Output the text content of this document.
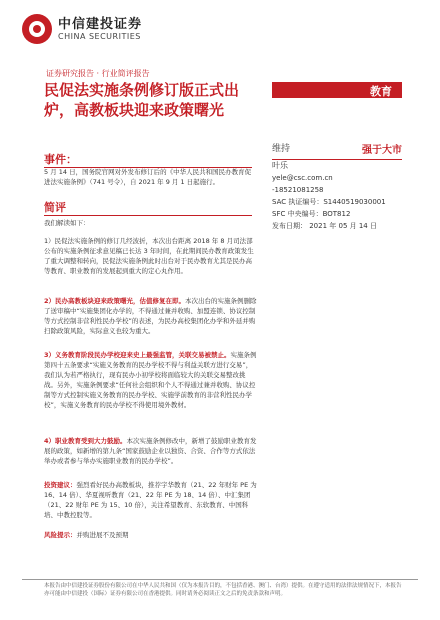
中信建投证券
CHINA SECURITIES
证券研究报告 · 行业简评报告
民促法实施条例修订版正式出炉，高教板块迎来政策曙光
教育
维持	强于大市
叶乐
yele@csc.com.cn
-18521081258
SAC 执证编号：S1440519030001
SFC 中央编号：BOT812
发布日期： 2021 年 05 月 14 日
事件：
5 月 14 日，国务院官网对外发布修订后的《中华人民共和国民办教育促进法实施条例》（741 号令），自 2021 年 9 月 1 日起施行。
简评
我们解读如下：
1）民促法实施条例的修订几经波折，本次出台距离 2018 年 8 月司法部公布的实施条例征求意见稿已长达 3 年时间，在此期间民办教育政策发生了重大调整和转向，民促法实施条例此时出台对于民办教育尤其是民办高等教育、职业教育的发展起到重大的定心丸作用。
2）民办高教板块迎来政策曙光，估值修复在即。本次出台的实施条例删除了送审稿中“实施集团化办学的，不得通过兼并收购、加盟连锁、协议控制等方式控制非营利性民办学校”的表述，为民办高校集团化办学和外延并购扫除政策风险，实际意义也较为重大。
3）义务教育阶段民办学校迎来史上最强监管，关联交易被禁止。实施条例第四十五条要求“实施义务教育的民办学校不得与利益关联方进行交易”，我们认为若严格执行，现有民办小初学校将面临较大的关联交易整改挑战。另外，实施条例要求“任何社会组织和个人不得通过兼并收购、协议控制等方式控制实施义务教育的民办学校、实施学前教育的非营利性民办学校”，实施义务教育的民办学校不得使用境外教材。
4）职业教育受到大力鼓励。本次实施条例修改中，新增了鼓励职业教育发展的政策，如新增的第九条“国家鼓励企业以独资、合资、合作等方式依法举办或者参与举办实施职业教育的民办学校”。
投资建议：强烈看好民办高教板块，推荐宇华教育（21、22 年财年 PE 为 16、14 倍）、华夏视听教育（21、22 年 PE 为 18、14 倍）、中汇集团（21、22 财年 PE 为 15、10 倍），关注希望教育、东软教育、中国科培、中教控股等。
风险提示：并购进展不及预期
本报告由中信建投证券股份有限公司在中华人民共和国（仅为本报告目的，不包括香港、澳门、台湾）提供。在遵守适用的法律法规情况下，本报告亦可能由中信建投（国际）证券有限公司在香港提供。同时请务必阅读正文之后的免责条款和声明。
